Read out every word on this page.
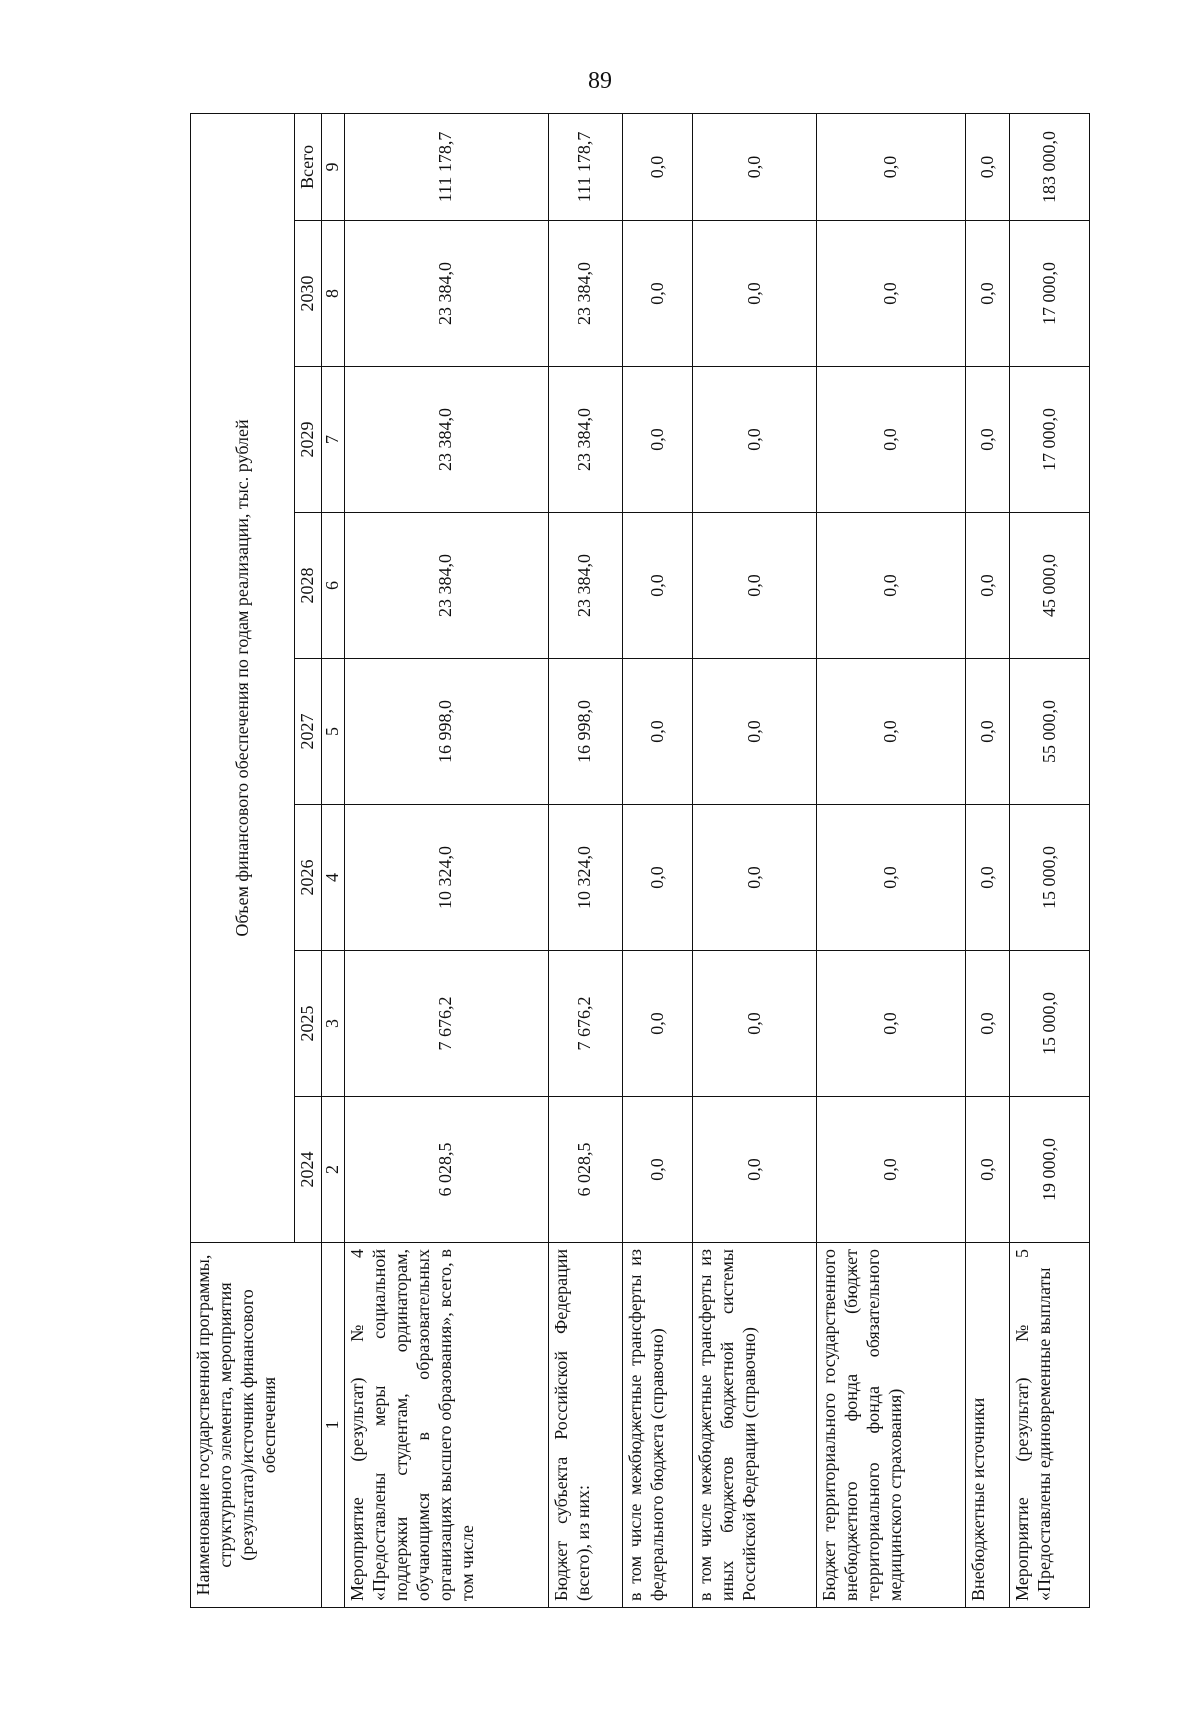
89
Наименование государственной программы, структурного элемента, мероприятия (результата)/источник финансового обеспечения	Объем финансового обеспечения по годам реализации, тыс. рублей							
	2024	2025	2026	2027	2028	2029	2030	Всего
1	2	3	4	5	6	7	8	9
Мероприятие (результат) № 4 «Предоставлены меры социальной поддержки студентам, ординаторам, обучающимся в образовательных организациях высшего образования», всего, в том числе	6 028,5	7 676,2	10 324,0	16 998,0	23 384,0	23 384,0	23 384,0	111 178,7
Бюджет субъекта Российской Федерации (всего), из них:	6 028,5	7 676,2	10 324,0	16 998,0	23 384,0	23 384,0	23 384,0	111 178,7
в том числе межбюджетные трансферты из федерального бюджета (справочно)	0,0	0,0	0,0	0,0	0,0	0,0	0,0	0,0
в том числе межбюджетные трансферты из иных бюджетов бюджетной системы Российской Федерации (справочно)	0,0	0,0	0,0	0,0	0,0	0,0	0,0	0,0
Бюджет территориального государственного внебюджетного фонда (бюджет территориального фонда обязательного медицинского страхования)	0,0	0,0	0,0	0,0	0,0	0,0	0,0	0,0
Внебюджетные источники	0,0	0,0	0,0	0,0	0,0	0,0	0,0	0,0
Мероприятие (результат) № 5 «Предоставлены единовременные выплаты	19 000,0	15 000,0	15 000,0	55 000,0	45 000,0	17 000,0	17 000,0	183 000,0
